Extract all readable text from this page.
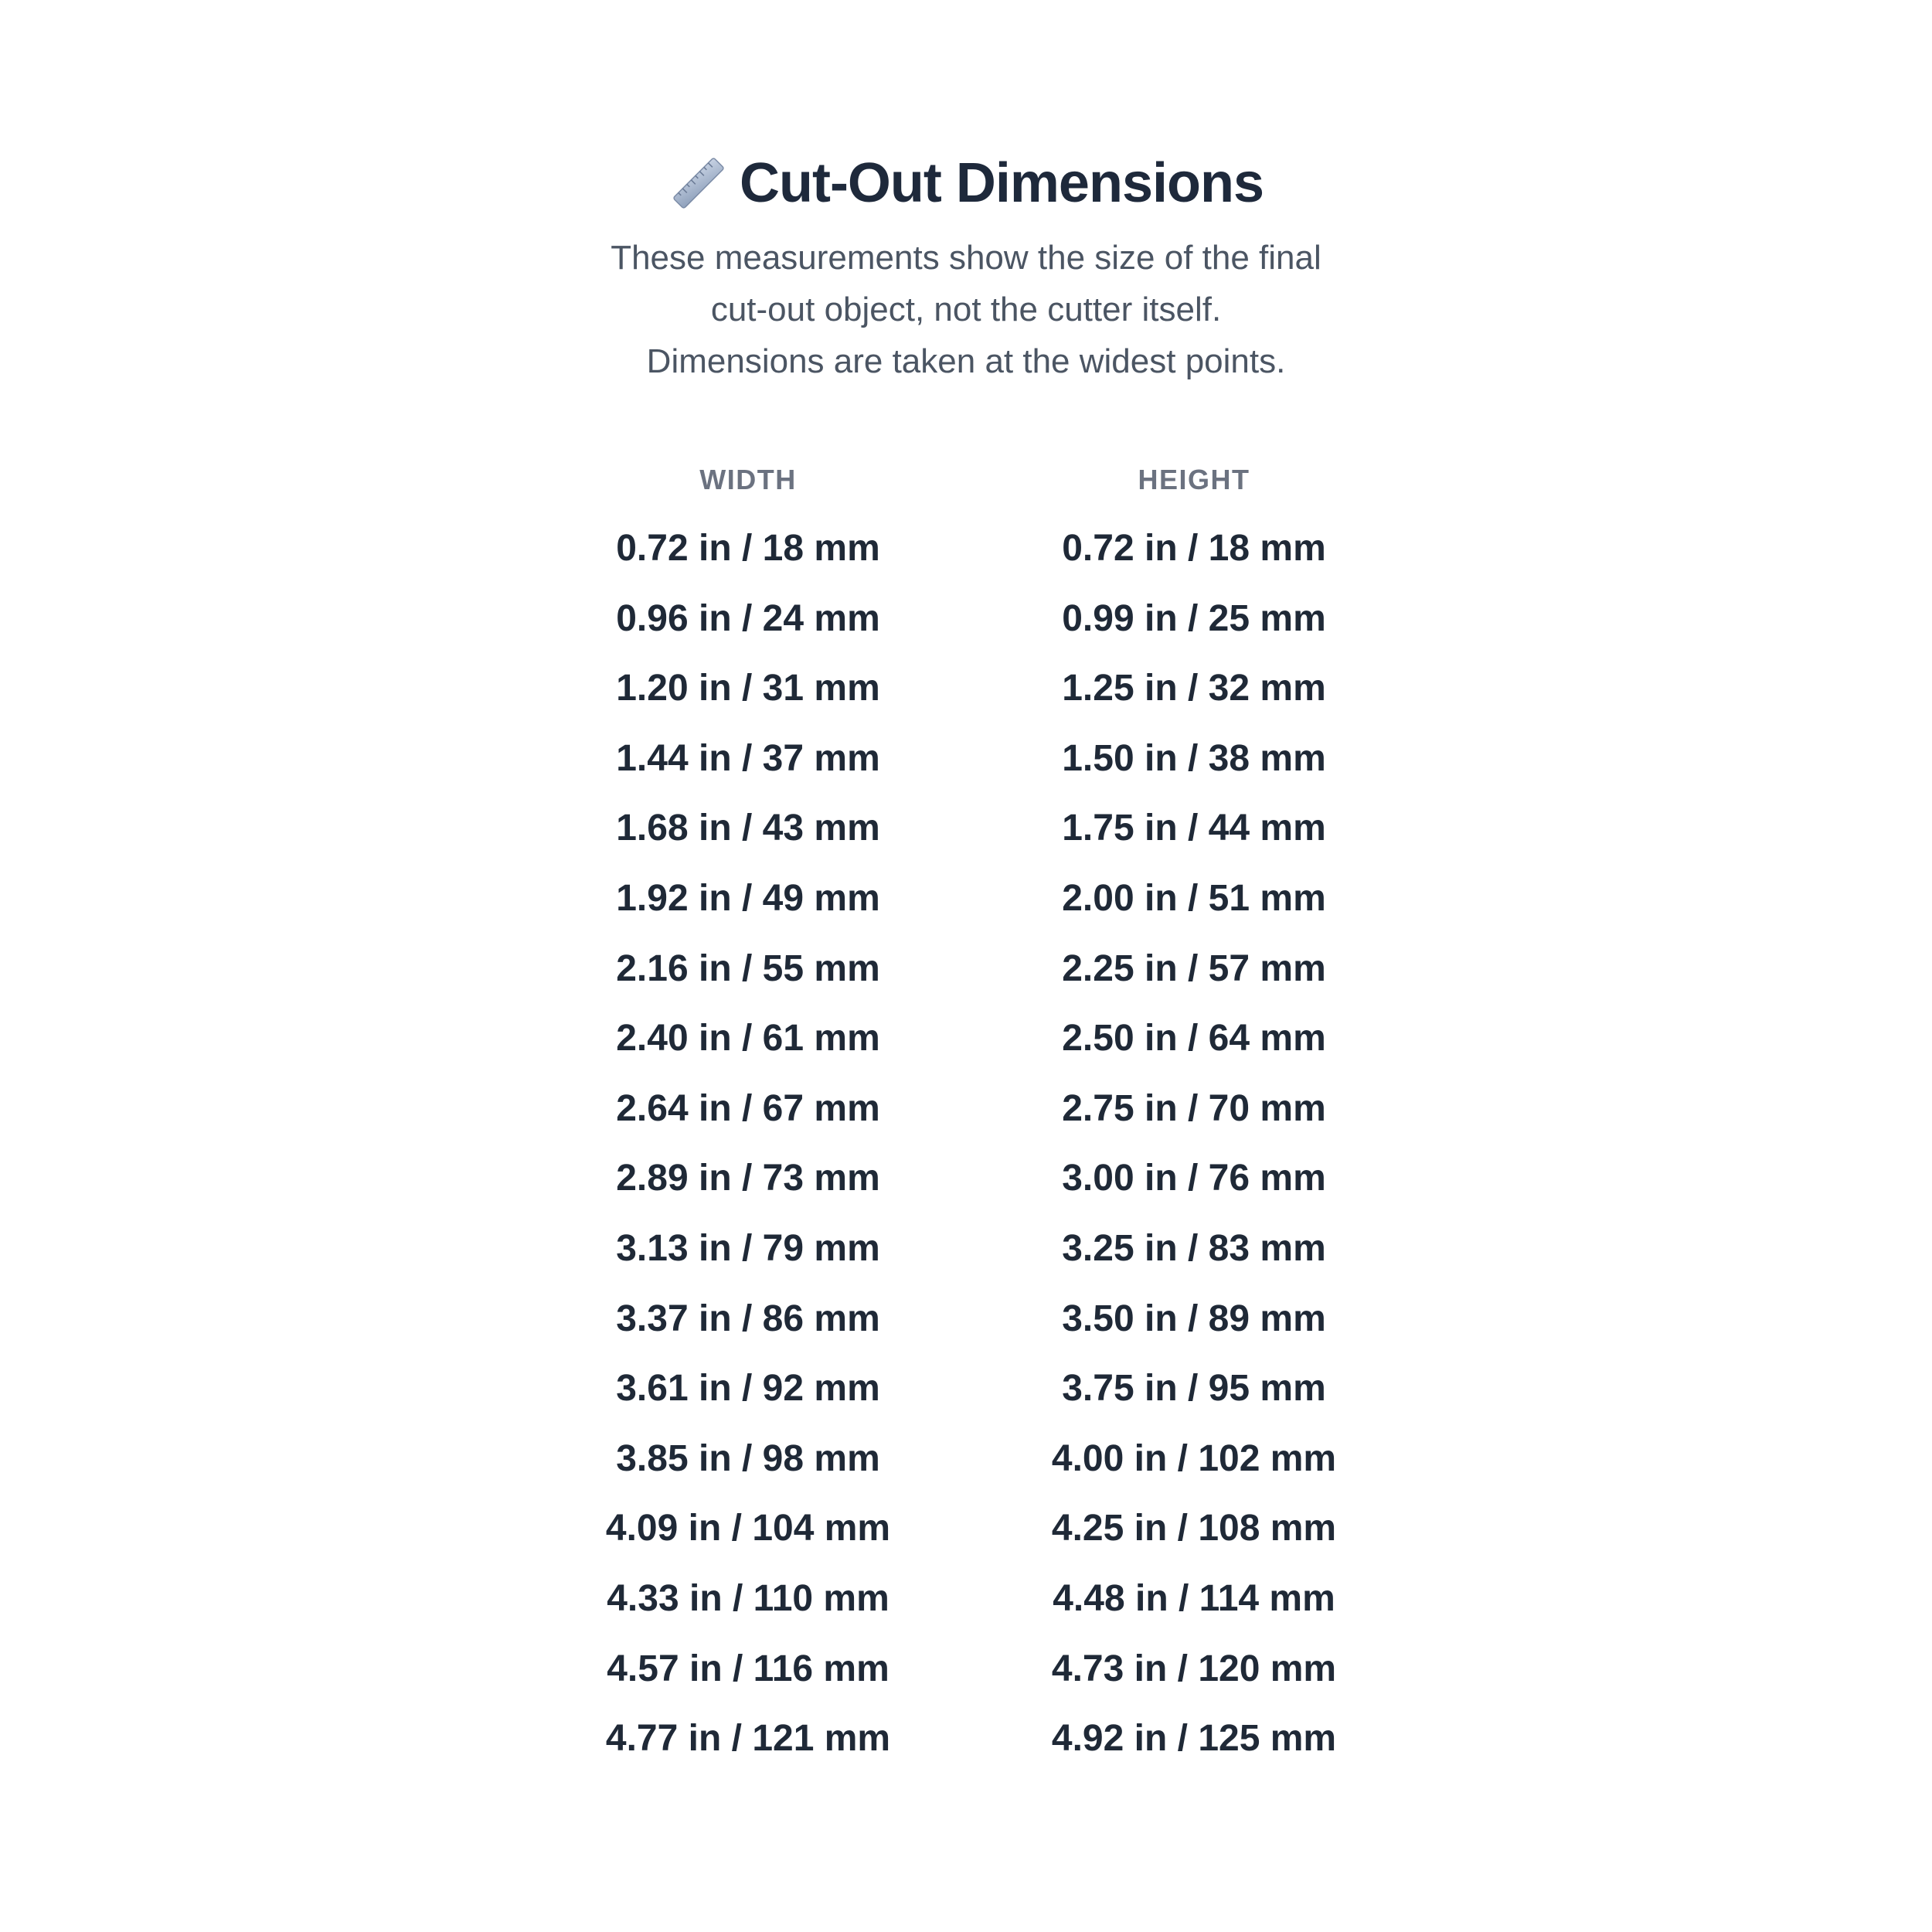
Cut-Out Dimensions
These measurements show the size of the final
cut-out object, not the cutter itself.
Dimensions are taken at the widest points.
WIDTH	HEIGHT
0.72 in / 18 mm	0.72 in / 18 mm
0.96 in / 24 mm	0.99 in / 25 mm
1.20 in / 31 mm	1.25 in / 32 mm
1.44 in / 37 mm	1.50 in / 38 mm
1.68 in / 43 mm	1.75 in / 44 mm
1.92 in / 49 mm	2.00 in / 51 mm
2.16 in / 55 mm	2.25 in / 57 mm
2.40 in / 61 mm	2.50 in / 64 mm
2.64 in / 67 mm	2.75 in / 70 mm
2.89 in / 73 mm	3.00 in / 76 mm
3.13 in / 79 mm	3.25 in / 83 mm
3.37 in / 86 mm	3.50 in / 89 mm
3.61 in / 92 mm	3.75 in / 95 mm
3.85 in / 98 mm	4.00 in / 102 mm
4.09 in / 104 mm	4.25 in / 108 mm
4.33 in / 110 mm	4.48 in / 114 mm
4.57 in / 116 mm	4.73 in / 120 mm
4.77 in / 121 mm	4.92 in / 125 mm
